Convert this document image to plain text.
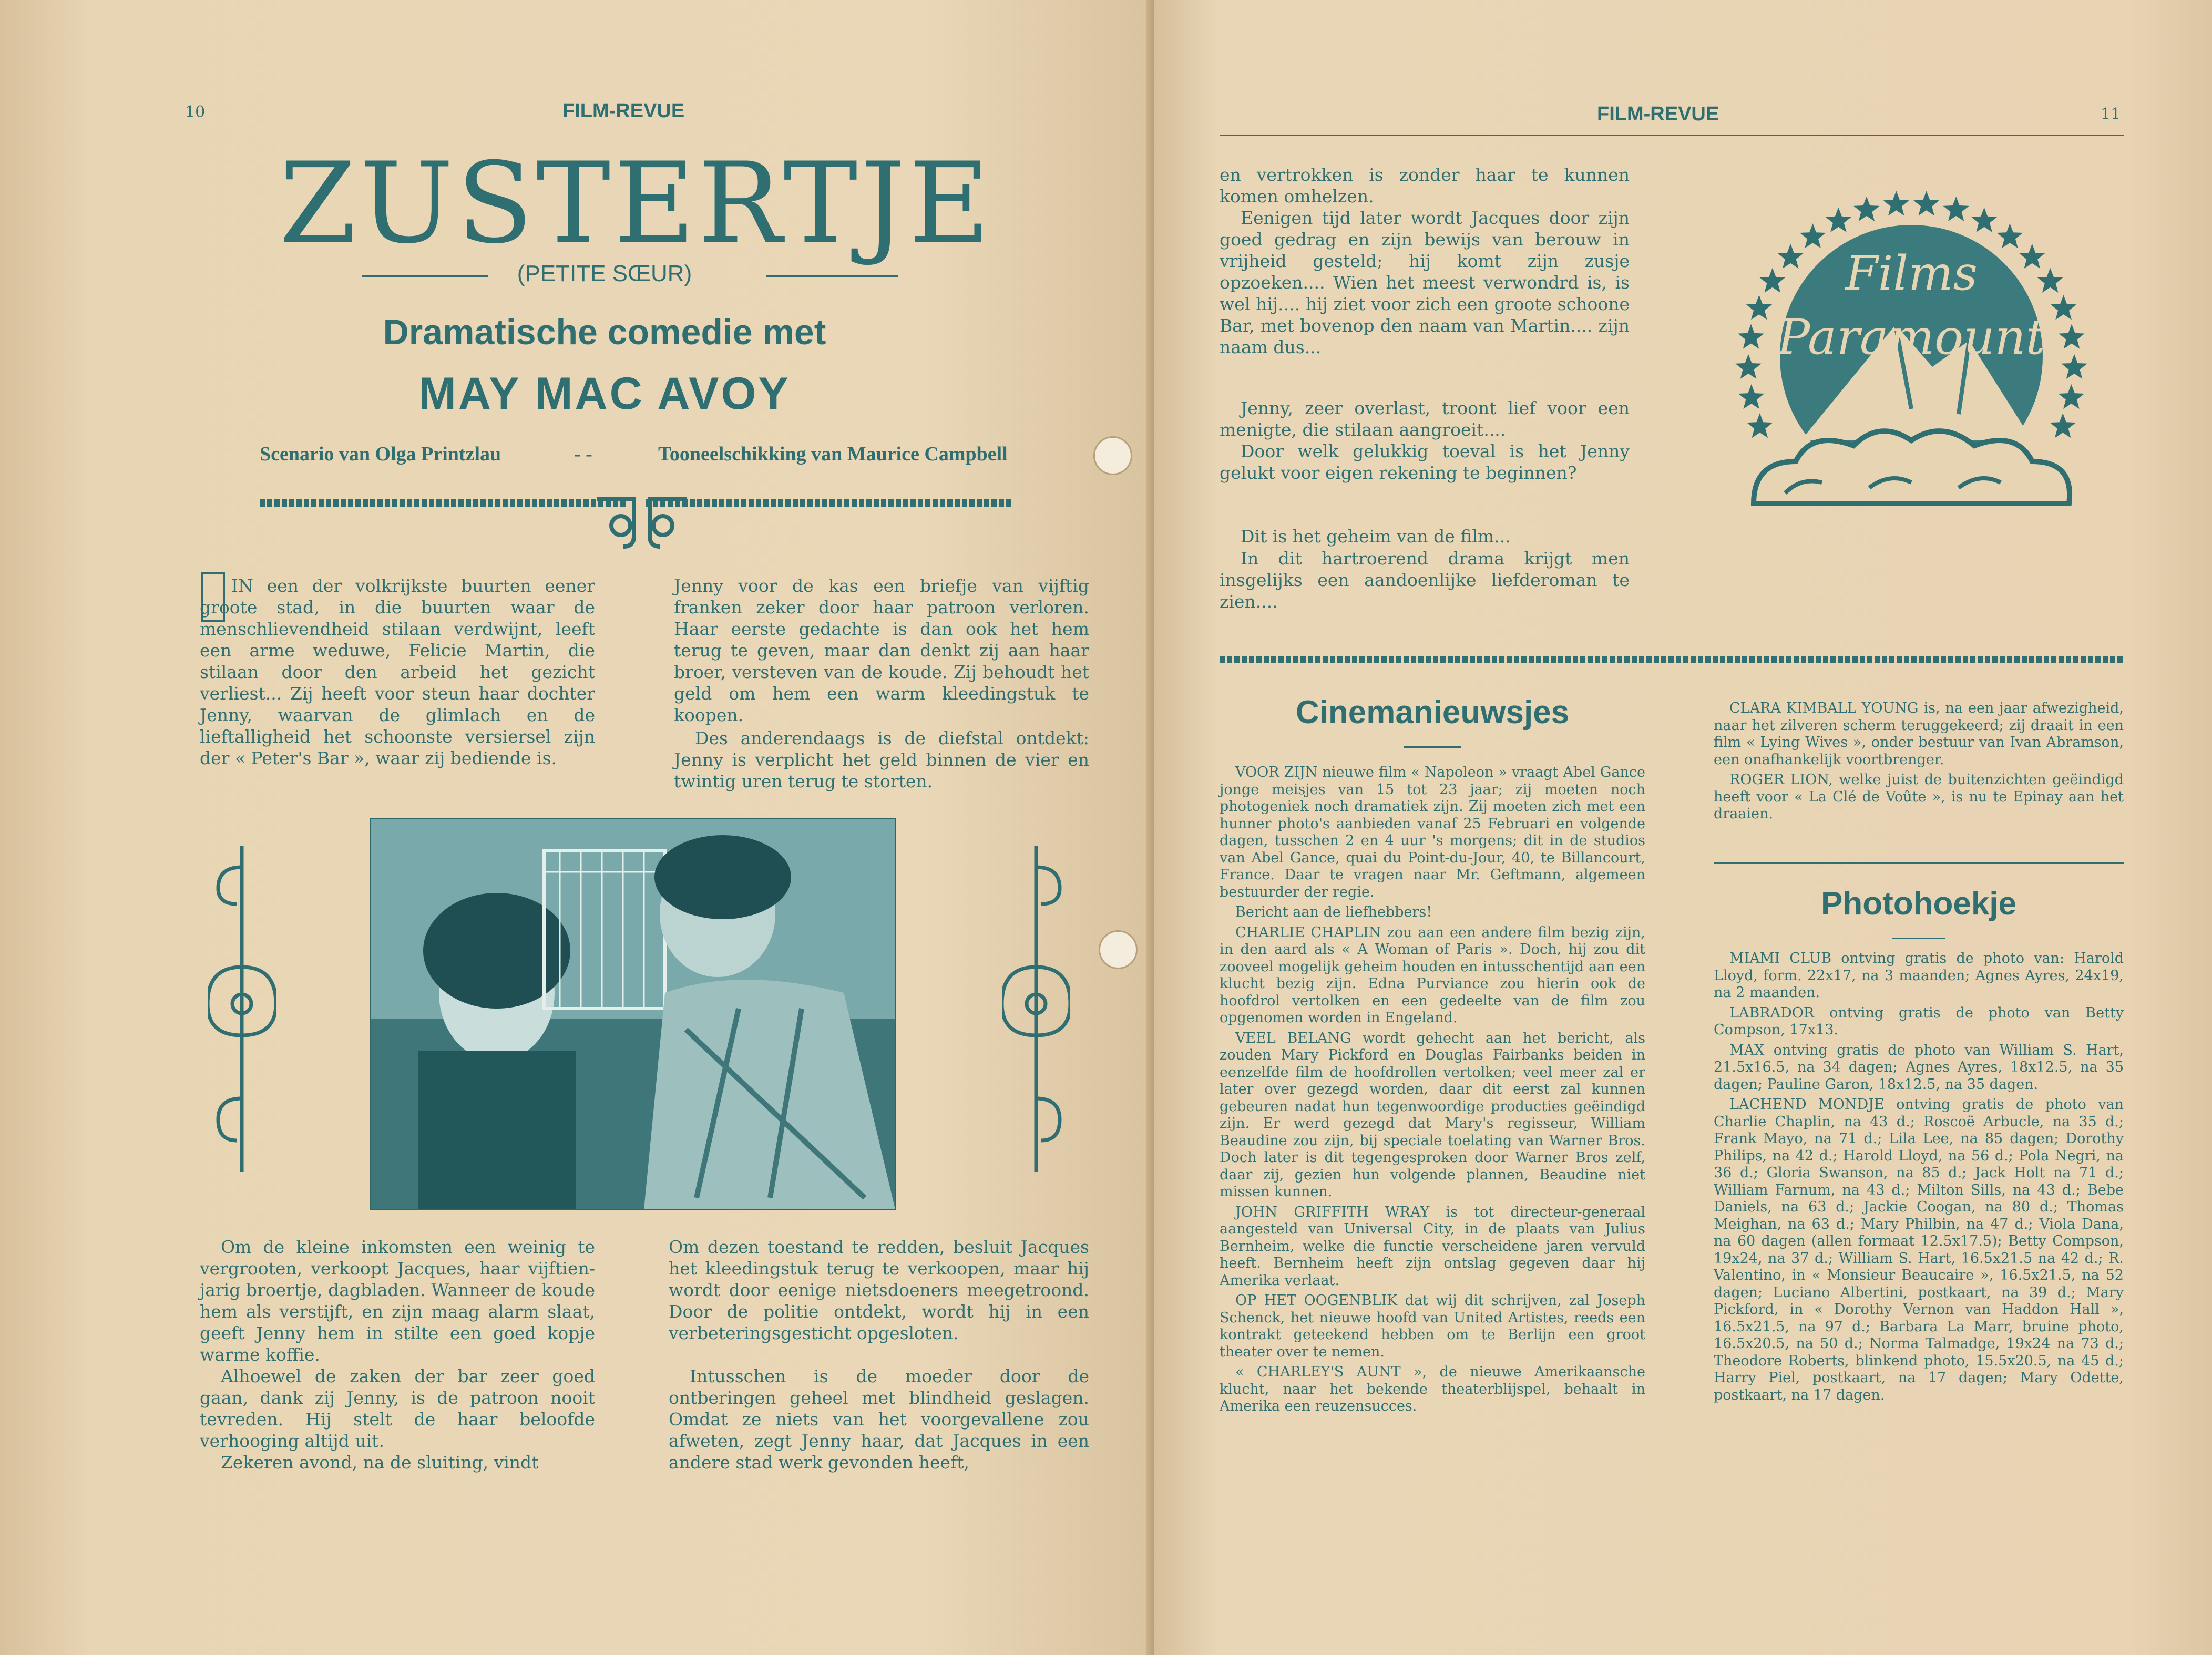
10	FILM-REVUE
ZUSTERTJE
(PETITE SŒUR)
Dramatische comedie met
MAY MAC AVOY
Scenario van Olga Printzlau	- -	Tooneelschikking van Maurice Campbell

IN een der volkrijkste buurten eener groote stad, in die buurten waar de menschlievendheid stilaan verdwijnt, leeft een arme weduwe, Felicie Martin, die stilaan door den arbeid het gezicht verliest... Zij heeft voor steun haar dochter Jenny, waarvan de glimlach en de lieftalligheid het schoonste versiersel zijn der « Peter's Bar », waar zij bediende is.

Jenny voor de kas een briefje van vijftig franken zeker door haar patroon verloren. Haar eerste gedachte is dan ook het hem terug te geven, maar dan denkt zij aan haar broer, versteven van de koude. Zij behoudt het geld om hem een warm kleedingstuk te koopen.

Des anderendaags is de diefstal ontdekt: Jenny is verplicht het geld binnen de vier en twintig uren terug te storten.

Om de kleine inkomsten een weinig te vergrooten, verkoopt Jacques, haar vijftien-jarig broertje, dagbladen. Wanneer de koude hem als verstijft, en zijn maag alarm slaat, geeft Jenny hem in stilte een goed kopje warme koffie.

Alhoewel de zaken der bar zeer goed gaan, dank zij Jenny, is de patroon nooit tevreden. Hij stelt de haar beloofde verhooging altijd uit.

Zekeren avond, na de sluiting, vindt

Om dezen toestand te redden, besluit Jacques het kleedingstuk terug te verkoopen, maar hij wordt door eenige nietsdoeners meegetroond. Door de politie ontdekt, wordt hij in een verbeteringsgesticht opgesloten.

Intusschen is de moeder door de ontberingen geheel met blindheid geslagen. Omdat ze niets van het voorgevallene zou afweten, zegt Jenny haar, dat Jacques in een andere stad werk gevonden heeft,

FILM-REVUE	11

en vertrokken is zonder haar te kunnen komen omhelzen.

Eenigen tijd later wordt Jacques door zijn goed gedrag en zijn bewijs van berouw in vrijheid gesteld; hij komt zijn zusje opzoeken.... Wien het meest verwondrd is, is wel hij.... hij ziet voor zich een groote schoone Bar, met bovenop den naam van Martin.... zijn naam dus...

Jenny, zeer overlast, troont lief voor een menigte, die stilaan aangroeit....

Door welk gelukkig toeval is het Jenny gelukt voor eigen rekening te beginnen?

Dit is het geheim van de film...

In dit hartroerend drama krijgt men insgelijks een aandoenlijke liefderoman te zien....

Films
Paramount
Cinemanieuwsjes

VOOR ZIJN nieuwe film « Napoleon » vraagt Abel Gance jonge meisjes van 15 tot 23 jaar; zij moeten noch photogeniek noch dramatiek zijn. Zij moeten zich met een hunner photo's aanbieden vanaf 25 Februari en volgende dagen, tusschen 2 en 4 uur 's morgens; dit in de studios van Abel Gance, quai du Point-du-Jour, 40, te Billancourt, France. Daar te vragen naar Mr. Geftmann, algemeen bestuurder der regie.

Bericht aan de liefhebbers!

CHARLIE CHAPLIN zou aan een andere film bezig zijn, in den aard als « A Woman of Paris ». Doch, hij zou dit zooveel mogelijk geheim houden en intusschentijd aan een klucht bezig zijn. Edna Purviance zou hierin ook de hoofdrol vertolken en een gedeelte van de film zou opgenomen worden in Engeland.

VEEL BELANG wordt gehecht aan het bericht, als zouden Mary Pickford en Douglas Fairbanks beiden in eenzelfde film de hoofdrollen vertolken; veel meer zal er later over gezegd worden, daar dit eerst zal kunnen gebeuren nadat hun tegenwoordige producties geëindigd zijn. Er werd gezegd dat Mary's regisseur, William Beaudine zou zijn, bij speciale toelating van Warner Bros. Doch later is dit tegengesproken door Warner Bros zelf, daar zij, gezien hun volgende plannen, Beaudine niet missen kunnen.

JOHN GRIFFITH WRAY is tot directeur-generaal aangesteld van Universal City, in de plaats van Julius Bernheim, welke die functie verscheidene jaren vervuld heeft. Bernheim heeft zijn ontslag gegeven daar hij Amerika verlaat.

OP HET OOGENBLIK dat wij dit schrijven, zal Joseph Schenck, het nieuwe hoofd van United Artistes, reeds een kontrakt geteekend hebben om te Berlijn een groot theater over te nemen.

« CHARLEY'S AUNT », de nieuwe Amerikaansche klucht, naar het bekende theaterblijspel, behaalt in Amerika een reuzensucces.

CLARA KIMBALL YOUNG is, na een jaar afwezigheid, naar het zilveren scherm teruggekeerd; zij draait in een film « Lying Wives », onder bestuur van Ivan Abramson, een onafhankelijk voortbrenger.

ROGER LION, welke juist de buitenzichten geëindigd heeft voor « La Clé de Voûte », is nu te Epinay aan het draaien.

Photohoekje

MIAMI CLUB ontving gratis de photo van: Harold Lloyd, form. 22x17, na 3 maanden; Agnes Ayres, 24x19, na 2 maanden.

LABRADOR ontving gratis de photo van Betty Compson, 17x13.

MAX ontving gratis de photo van William S. Hart, 21.5x16.5, na 34 dagen; Agnes Ayres, 18x12.5, na 35 dagen; Pauline Garon, 18x12.5, na 35 dagen.

LACHEND MONDJE ontving gratis de photo van Charlie Chaplin, na 43 d.; Roscoë Arbucle, na 35 d.; Frank Mayo, na 71 d.; Lila Lee, na 85 dagen; Dorothy Philips, na 42 d.; Harold Lloyd, na 56 d.; Pola Negri, na 36 d.; Gloria Swanson, na 85 d.; Jack Holt na 71 d.; William Farnum, na 43 d.; Milton Sills, na 43 d.; Bebe Daniels, na 63 d.; Jackie Coogan, na 80 d.; Thomas Meighan, na 63 d.; Mary Philbin, na 47 d.; Viola Dana, na 60 dagen (allen formaat 12.5x17.5); Betty Compson, 19x24, na 37 d.; William S. Hart, 16.5x21.5 na 42 d.; R. Valentino, in « Monsieur Beaucaire », 16.5x21.5, na 52 dagen; Luciano Albertini, postkaart, na 39 d.; Mary Pickford, in « Dorothy Vernon van Haddon Hall », 16.5x21.5, na 97 d.; Barbara La Marr, bruine photo, 16.5x20.5, na 50 d.; Norma Talmadge, 19x24 na 73 d.; Theodore Roberts, blinkend photo, 15.5x20.5, na 45 d.; Harry Piel, postkaart, na 17 dagen; Mary Odette, postkaart, na 17 dagen.
